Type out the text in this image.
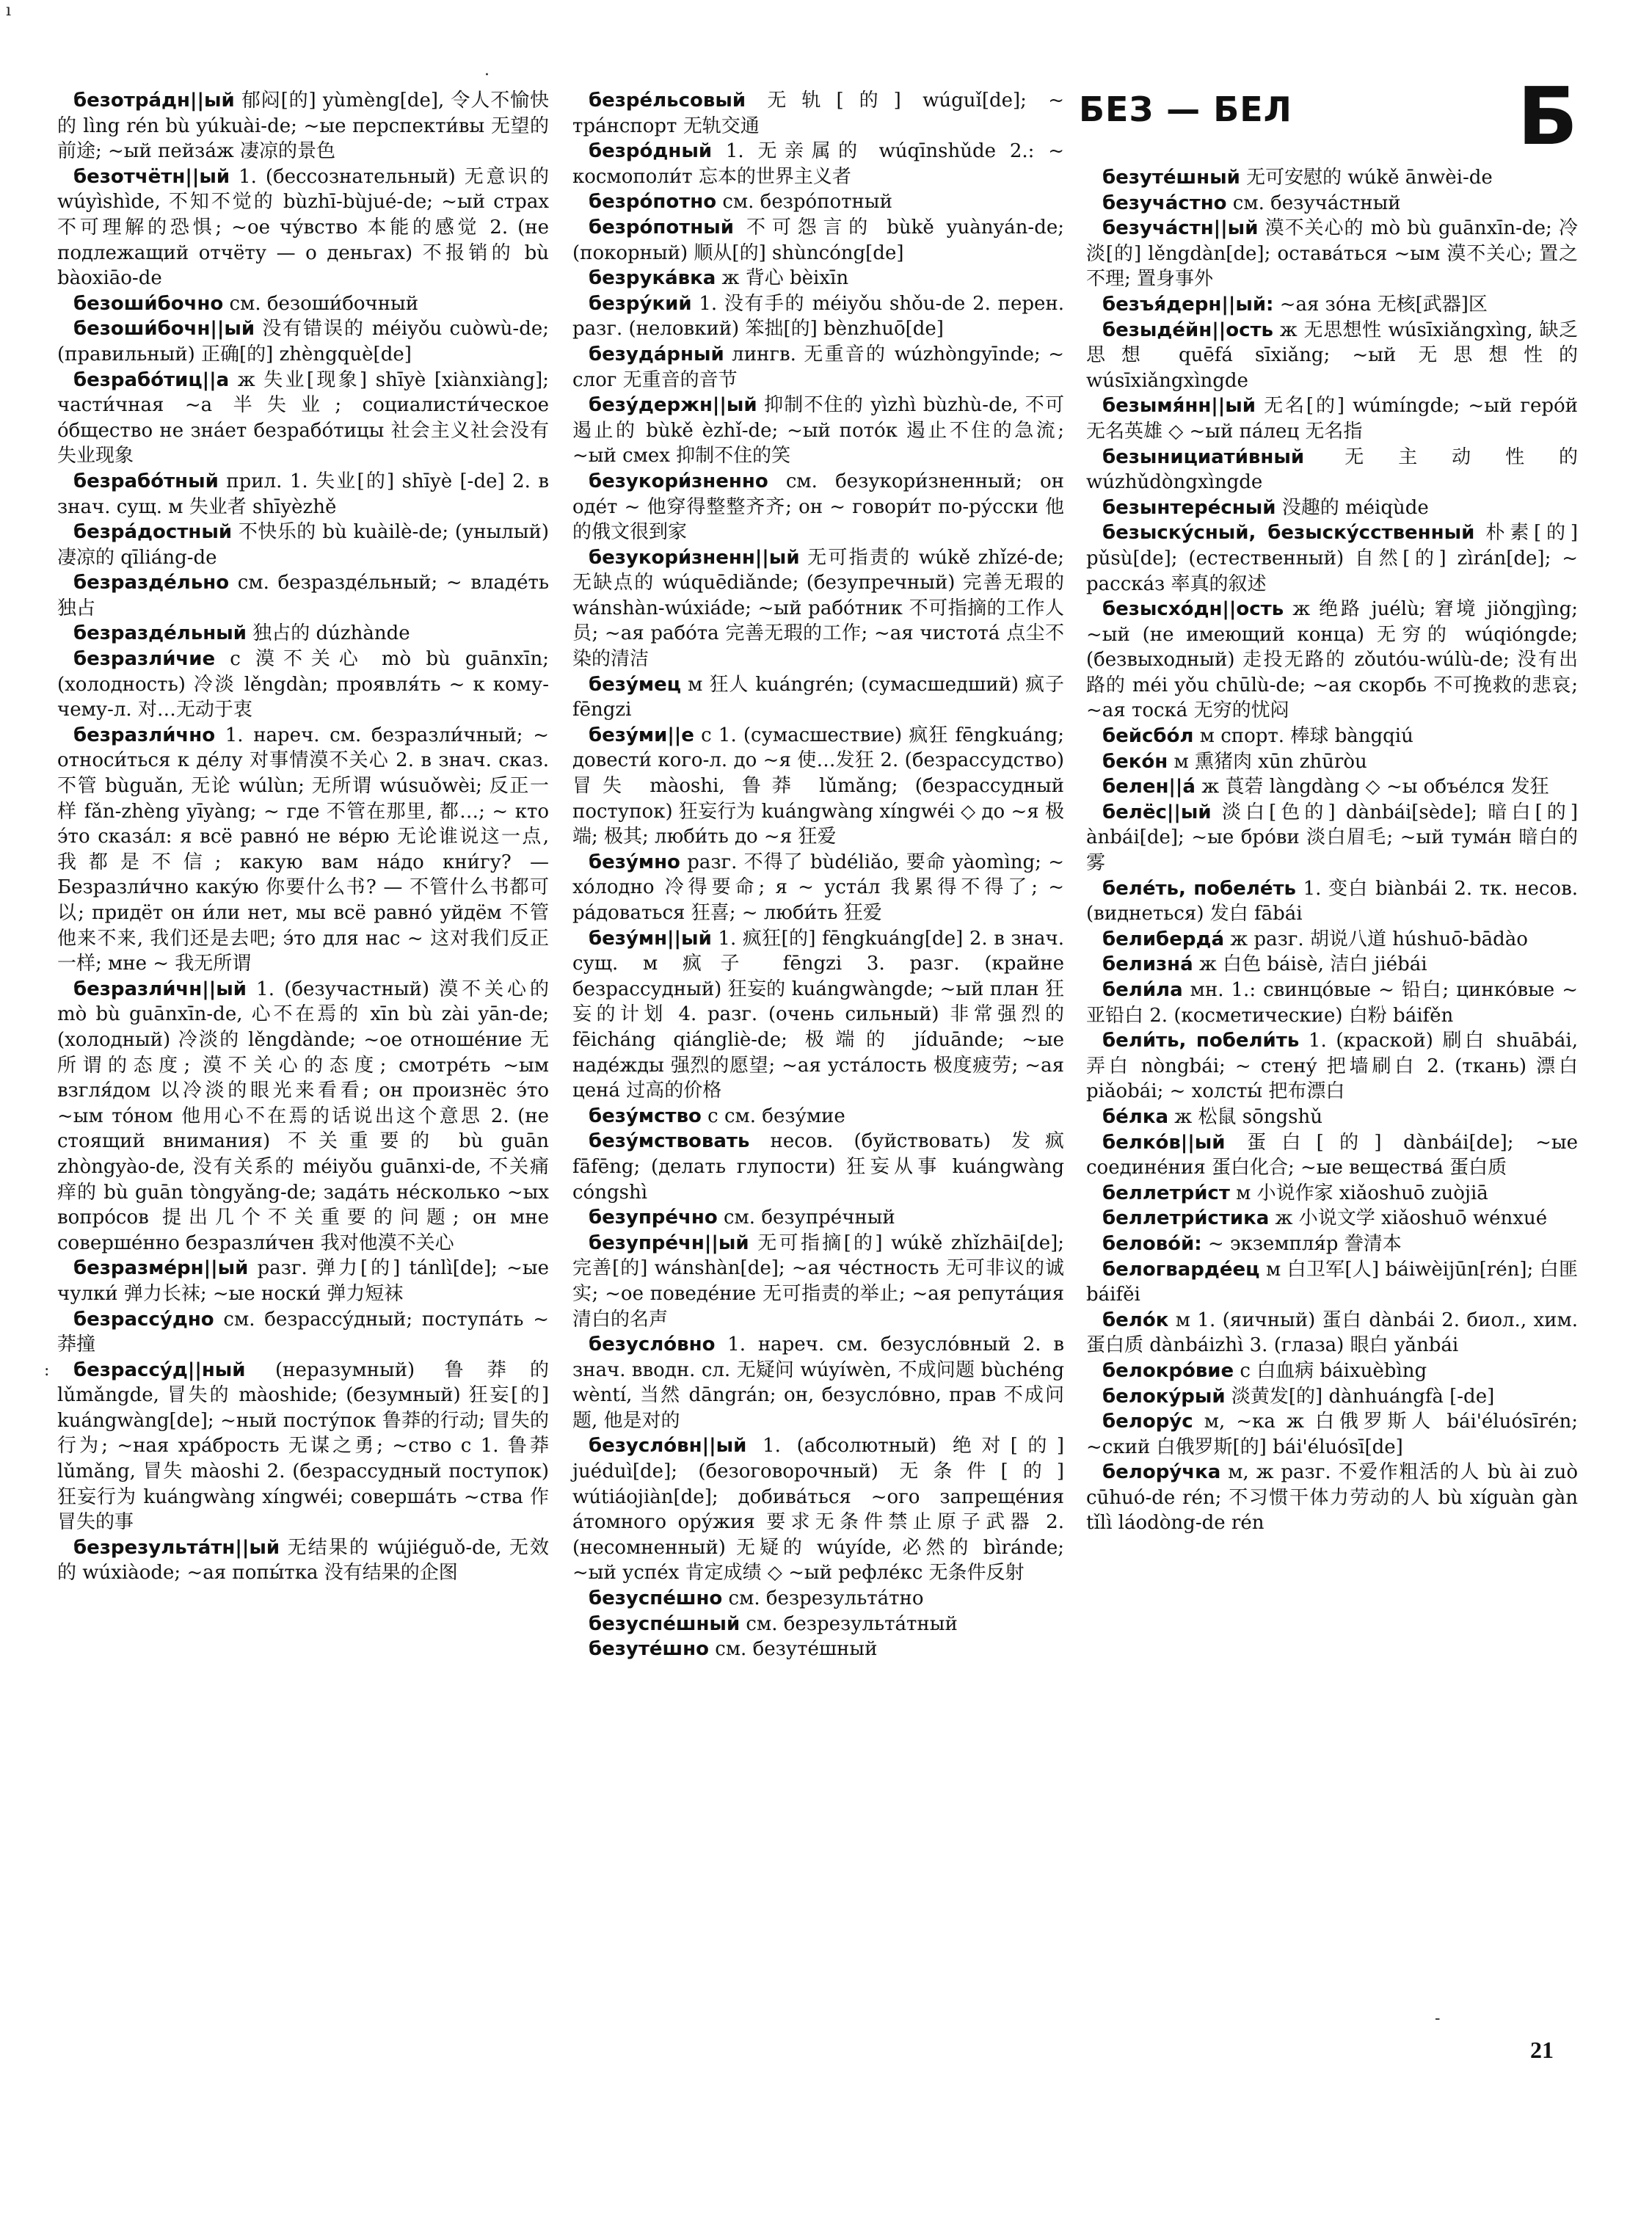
БЕЗ — БЕЛ	Б
ı
·
:
-

безотра́дн||ый 郁闷[的] yùmèng[de], 令人不愉快的 lìng rén bù yúkuài-de; ~ые перспекти́вы 无望的前途; ~ый пейза́ж 凄凉的景色

безотчётн||ый 1. (бессознательный) 无意识的 wúyìshìde, 不知不觉的 bùzhī-bùjué-de; ~ый страх 不可理解的恐惧; ~ое чу́вство 本能的感觉 2. (не подлежащий отчёту — о деньгах) 不报销的 bù bàoxiāo-de

безоши́бочно см. безоши́бочный

безоши́бочн||ый 没有错误的 méiyǒu cuòwù-de; (правильный) 正确[的] zhèngquè[de]

безрабо́тиц||а ж 失业[现象] shīyè [xiànxiàng]; части́чная ~а 半失业; социалисти́ческое о́бщество не зна́ет безрабо́тицы 社会主义社会没有失业现象

безрабо́тный прил. 1. 失业[的] shīyè [-de] 2. в знач. сущ. м 失业者 shīyèzhě

безра́достный 不快乐的 bù kuàilè-de; (унылый) 凄凉的 qīliáng-de

безразде́льно см. безразде́льный; ~ владе́ть 独占

безразде́льный 独占的 dúzhànde

безразли́чие с 漠不关心 mò bù guānxīn; (холодность) 冷淡 lěngdàn; проявля́ть ~ к кому-чему-л. 对…无动于衷

безразли́чно 1. нареч. см. безразли́чный; ~ относи́ться к де́лу 对事情漠不关心 2. в знач. сказ. 不管 bùguǎn, 无论 wúlùn; 无所谓 wúsuǒwèi; 反正一样 fǎn-zhèng yīyàng; ~ где 不管在那里, 都…; ~ кто э́то сказа́л: я всё равно́ не ве́рю 无论谁说这一点, 我都是不信; какую вам на́до кни́гу? — Безразли́чно каку́ю 你要什么书? — 不管什么书都可以; придёт он и́ли нет, мы всё равно́ уйдём 不管他来不来, 我们还是去吧; э́то для нас ~ 这对我们反正一样; мне ~ 我无所谓

безразли́чн||ый 1. (безучастный) 漠不关心的 mò bù guānxīn-de, 心不在焉的 xīn bù zài yān-de; (холодный) 冷淡的 lěngdànde; ~ое отноше́ние 无所谓的态度; 漠不关心的态度; смотре́ть ~ым взгля́дом 以冷淡的眼光来看看; он произнёс э́то ~ым то́ном 他用心不在焉的话说出这个意思 2. (не стоящий внимания) 不关重要的 bù guān zhòngyào-de, 没有关系的 méiyǒu guānxi-de, 不关痛痒的 bù guān tòngyǎng-de; зада́ть не́сколько ~ых вопро́сов 提出几个不关重要的问题; он мне соверше́нно безразли́чен 我对他漠不关心

безразме́рн||ый разг. 弹力[的] tánlì[de]; ~ые чулки́ 弹力长袜; ~ые носки́ 弹力短袜

безрассу́дно см. безрассу́дный; поступа́ть ~ 莽撞

безрассу́д||ный (неразумный) 鲁莽的 lǔmǎngde, 冒失的 màoshide; (безумный) 狂妄[的] kuángwàng[de]; ~ный посту́пок 鲁莽的行动; 冒失的行为; ~ная хра́брость 无谋之勇; ~ство с 1. 鲁莽 lǔmǎng, 冒失 màoshi 2. (безрассудный поступок) 狂妄行为 kuángwàng xíngwéi; соверша́ть ~ства 作冒失的事

безрезульта́тн||ый 无结果的 wújiéguǒ-de, 无效的 wúxiàode; ~ая попы́тка 没有结果的企图

безре́льсовый 无轨[的] wúguǐ[de]; ~ тра́нспорт 无轨交通

безро́дный 1. 无亲属的 wúqīnshǔde 2.: ~ космополи́т 忘本的世界主义者

безро́потно см. безро́потный

безро́потный 不可怨言的 bùkě yuànyán-de; (покорный) 顺从[的] shùncóng[de]

безрука́вка ж 背心 bèixīn

безру́кий 1. 没有手的 méiyǒu shǒu-de 2. перен. разг. (неловкий) 笨拙[的] bènzhuō[de]

безуда́рный лингв. 无重音的 wúzhòngyīnde; ~ слог 无重音的音节

безу́держн||ый 抑制不住的 yìzhì bùzhù-de, 不可遏止的 bùkě èzhǐ-de; ~ый пото́к 遏止不住的急流; ~ый смех 抑制不住的笑

безукори́зненно см. безукори́зненный; он оде́т ~ 他穿得整整齐齐; он ~ говори́т по-ру́сски 他的俄文很到家

безукори́зненн||ый 无可指责的 wúkě zhǐzé-de; 无缺点的 wúquēdiǎnde; (безупречный) 完善无瑕的 wánshàn-wúxiáde; ~ый рабо́тник 不可指摘的工作人员; ~ая рабо́та 完善无瑕的工作; ~ая чистота́ 点尘不染的清洁

безу́мец м 狂人 kuángrén; (сумасшедший) 疯子 fēngzi

безу́ми||е с 1. (сумасшествие) 疯狂 fēngkuáng; довести́ кого-л. до ~я 使…发狂 2. (безрассудство) 冒失 màoshi, 鲁莽 lǔmǎng; (безрассудный поступок) 狂妄行为 kuángwàng xíngwéi ◇ до ~я 极端; 极其; люби́ть до ~я 狂爱

безу́мно разг. 不得了 bùdéliǎo, 要命 yàomìng; ~ хо́лодно 冷得要命; я ~ уста́л 我累得不得了; ~ ра́доваться 狂喜; ~ люби́ть 狂爱

безу́мн||ый 1. 疯狂[的] fēngkuáng[de] 2. в знач. сущ. м 疯子 fēngzi 3. разг. (крайне безрассудный) 狂妄的 kuángwàngde; ~ый план 狂妄的计划 4. разг. (очень сильный) 非常强烈的 fēicháng qiángliè-de; 极端的 jíduānde; ~ые наде́жды 强烈的愿望; ~ая уста́лость 极度疲劳; ~ая цена́ 过高的价格

безу́мство с см. безу́мие

безу́мствовать несов. (буйствовать) 发疯 fāfēng; (делать глупости) 狂妄从事 kuángwàng cóngshì

безупре́чно см. безупре́чный

безупре́чн||ый 无可指摘[的] wúkě zhǐzhāi[de]; 完善[的] wánshàn[de]; ~ая че́стность 无可非议的诚实; ~ое поведе́ние 无可指责的举止; ~ая репута́ция 清白的名声

безусло́вно 1. нареч. см. безусло́вный 2. в знач. вводн. сл. 无疑问 wúyíwèn, 不成问题 bùchéng wèntí, 当然 dāngrán; он, безусло́вно, прав 不成问题, 他是对的

безусло́вн||ый 1. (абсолютный) 绝对[的] juéduì[de]; (безоговорочный) 无条件[的] wútiáojiàn[de]; добива́ться ~ого запреще́ния а́томного ору́жия 要求无条件禁止原子武器 2. (несомненный) 无疑的 wúyíde, 必然的 bìránde; ~ый успе́х 肯定成绩 ◇ ~ый рефле́кс 无条件反射

безуспе́шно см. безрезульта́тно

безуспе́шный см. безрезульта́тный

безуте́шно см. безуте́шный

безуте́шный 无可安慰的 wúkě ānwèi-de

безуча́стно см. безуча́стный

безуча́стн||ый 漠不关心的 mò bù guānxīn-de; 冷淡[的] lěngdàn[de]; остава́ться ~ым 漠不关心; 置之不理; 置身事外

безъя́дерн||ый: ~ая зо́на 无核[武器]区

безыде́йн||ость ж 无思想性 wúsīxiǎngxìng, 缺乏思想 quēfá sīxiǎng; ~ый 无思想性的 wúsīxiǎngxìngde

безымя́нн||ый 无名[的] wúmíngde; ~ый геро́й 无名英雄 ◇ ~ый па́лец 无名指

безынициати́вный 无主动性的 wúzhǔdòngxìngde

безынтере́сный 没趣的 méiqùde

безыску́сный, безыску́сственный 朴素[的] pǔsù[de]; (естественный) 自然[的] zìrán[de]; ~ расска́з 率真的叙述

безысхо́дн||ость ж 绝路 juélù; 窘境 jiǒngjìng; ~ый (не имеющий конца) 无穷的 wúqióngde; (безвыходный) 走投无路的 zǒutóu-wúlù-de; 没有出路的 méi yǒu chūlù-de; ~ая скорбь 不可挽救的悲哀; ~ая тоска́ 无穷的忧闷

бейсбо́л м спорт. 棒球 bàngqiú

беко́н м 熏猪肉 xūn zhūròu

белен||а́ ж 莨菪 làngdàng ◇ ~ы объе́лся 发狂

белёс||ый 淡白[色的] dànbái[sède]; 暗白[的] ànbái[de]; ~ые бро́ви 淡白眉毛; ~ый тума́н 暗白的雾

беле́ть, побеле́ть 1. 变白 biànbái 2. тк. несов. (виднеться) 发白 fābái

белиберда́ ж разг. 胡说八道 húshuō-bādào

белизна́ ж 白色 báisè, 洁白 jiébái

бели́ла мн. 1.: свинцо́вые ~ 铅白; цинко́вые ~ 亚铅白 2. (косметические) 白粉 báifěn

бели́ть, побели́ть 1. (краской) 刷白 shuābái, 弄白 nòngbái; ~ стену́ 把墙刷白 2. (ткань) 漂白 piǎobái; ~ холсты́ 把布漂白

бе́лка ж 松鼠 sōngshǔ

белко́в||ый 蛋白[的] dànbái[de]; ~ые соедине́ния 蛋白化合; ~ые вещества́ 蛋白质

беллетри́ст м 小说作家 xiǎoshuō zuòjiā

беллетри́стика ж 小说文学 xiǎoshuō wénxué

белово́й: ~ экземпля́р 誊清本

белогварде́ец м 白卫军[人] báiwèijūn[rén]; 白匪 báifěi

бело́к м 1. (яичный) 蛋白 dànbái 2. биол., хим. 蛋白质 dànbáizhì 3. (глаза) 眼白 yǎnbái

белокро́вие с 白血病 báixuèbìng

белоку́рый 淡黄发[的] dànhuángfà [-de]

белору́с м, ~ка ж 白俄罗斯人 bái'éluósīrén; ~ский 白俄罗斯[的] bái'éluósī[de]

белору́чка м, ж разг. 不爱作粗活的人 bù ài zuò cūhuó-de rén; 不习惯干体力劳动的人 bù xíguàn gàn tǐlì láodòng-de rén

21
